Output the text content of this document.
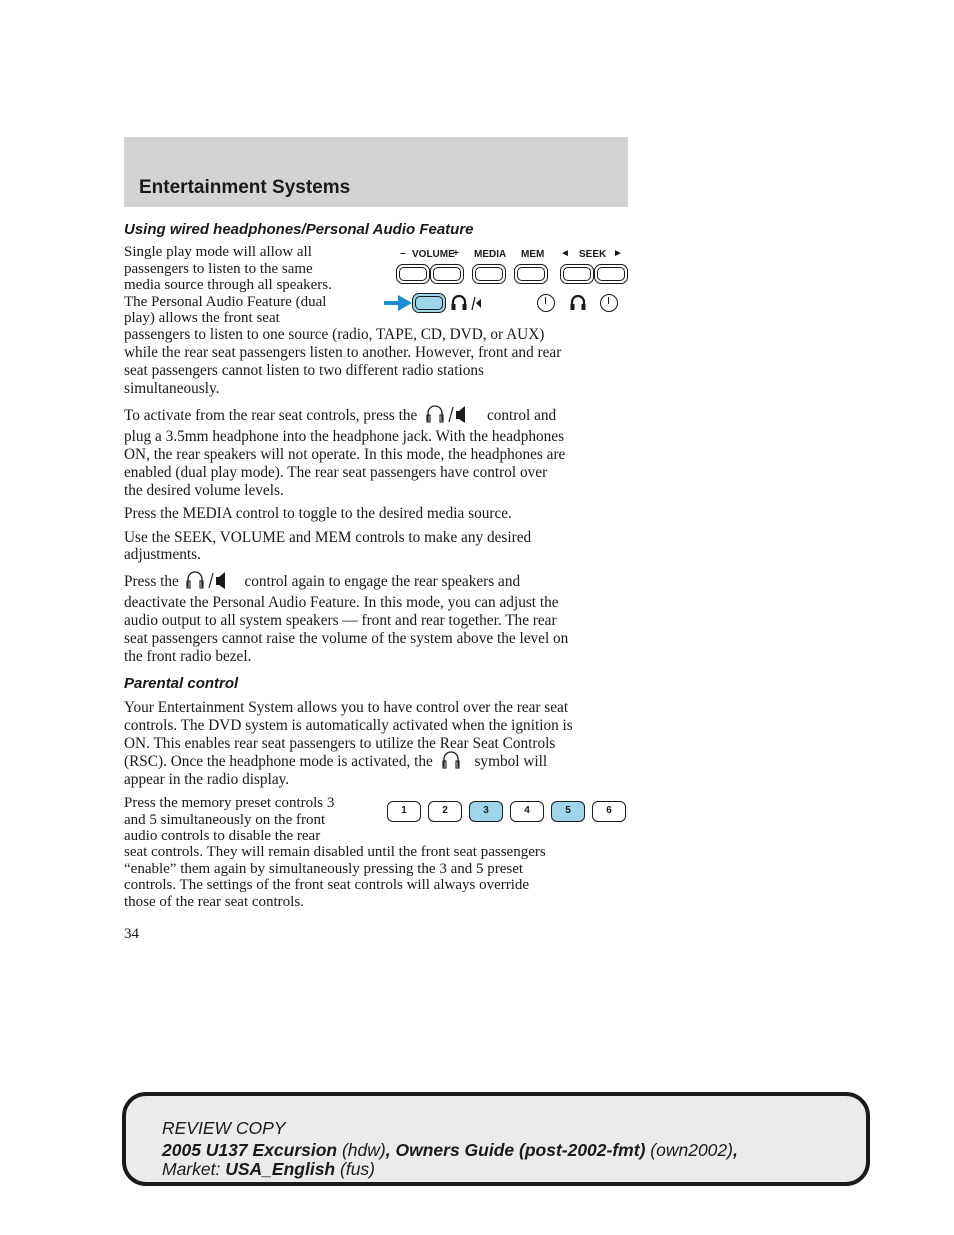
Entertainment Systems
Using wired headphones/Personal Audio Feature
Single play mode will allow all
passengers to listen to the same
media source through all speakers.
The Personal Audio Feature (dual
play) allows the front seat
– VOLUME
+ MEDIA MEM ◄ SEEK ►
passengers to listen to one source (radio, TAPE, CD, DVD, or AUX)
while the rear seat passengers listen to another. However, front and rear
seat passengers cannot listen to two different radio stations
simultaneously.
To activate from the rear seat controls, press the	control and
plug a 3.5mm headphone into the headphone jack. With the headphones
ON, the rear speakers will not operate. In this mode, the headphones are
enabled (dual play mode). The rear seat passengers have control over
the desired volume levels.
Press the MEDIA control to toggle to the desired media source.
Use the SEEK, VOLUME and MEM controls to make any desired
adjustments.
Press the	control again to engage the rear speakers and
deactivate the Personal Audio Feature. In this mode, you can adjust the
audio output to all system speakers — front and rear together. The rear
seat passengers cannot raise the volume of the system above the level on
the front radio bezel.
Parental control
Your Entertainment System allows you to have control over the rear seat
controls. The DVD system is automatically activated when the ignition is
ON. This enables rear seat passengers to utilize the Rear Seat Controls
(RSC). Once the headphone mode is activated, the	symbol will
appear in the radio display.
Press the memory preset controls 3
and 5 simultaneously on the front
audio controls to disable the rear
1	2	3	4	5	6
seat controls. They will remain disabled until the front seat passengers
“enable” them again by simultaneously pressing the 3 and 5 preset
controls. The settings of the front seat controls will always override
those of the rear seat controls.
34
REVIEW COPY
2005 U137 Excursion (hdw), Owners Guide (post-2002-fmt) (own2002),
Market: USA_English (fus)
